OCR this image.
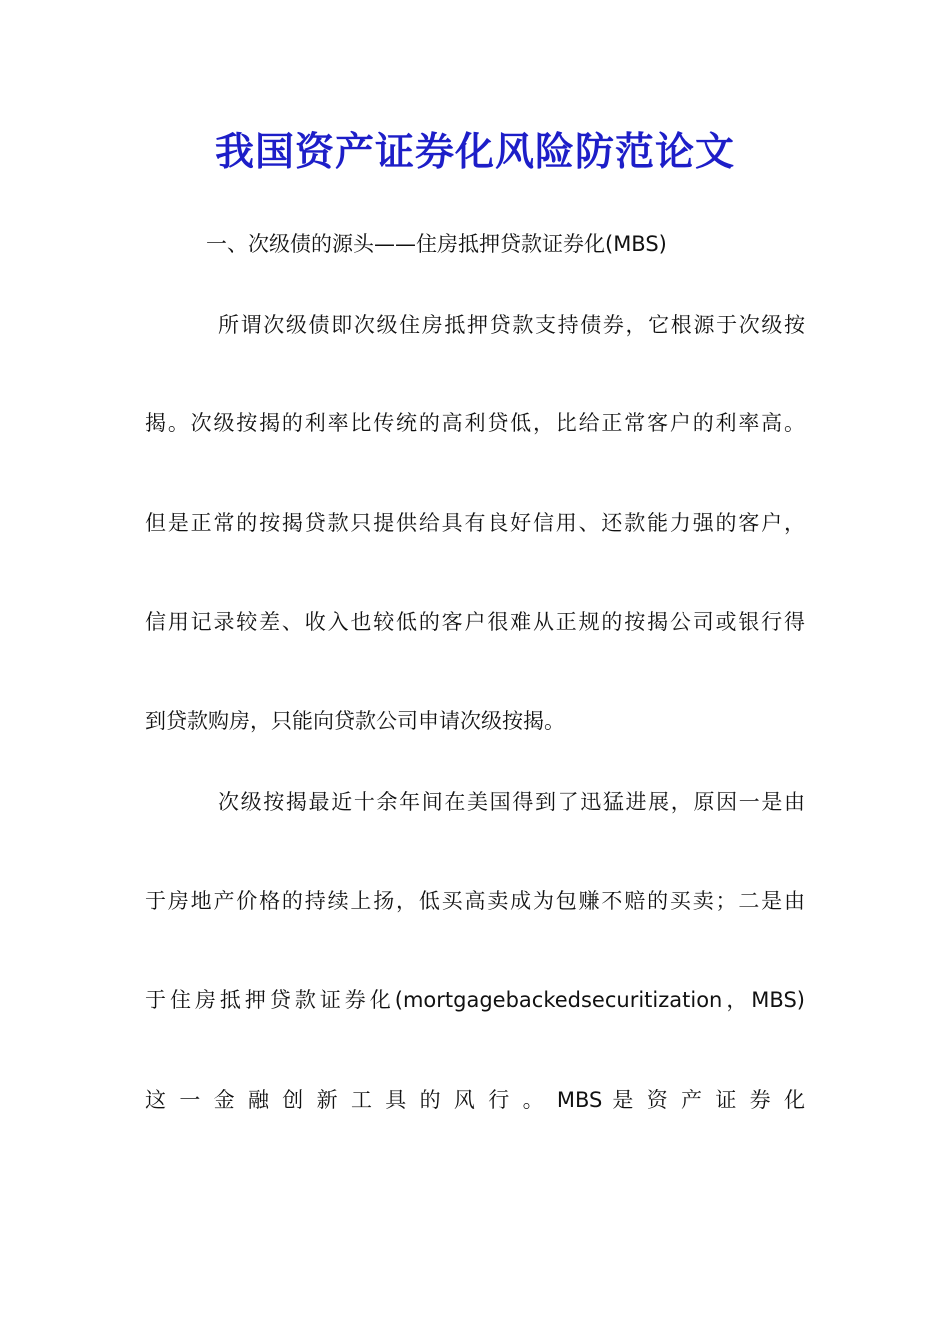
我国资产证券化风险防范论文
一、次级债的源头——住房抵押贷款证券化(MBS)
所谓次级债即次级住房抵押贷款支持债券，它根源于次级按
揭。次级按揭的利率比传统的高利贷低，比给正常客户的利率高。
但是正常的按揭贷款只提供给具有良好信用、还款能力强的客户，
信用记录较差、收入也较低的客户很难从正规的按揭公司或银行得
到贷款购房，只能向贷款公司申请次级按揭。
次级按揭最近十余年间在美国得到了迅猛进展，原因一是由
于房地产价格的持续上扬，低买高卖成为包赚不赔的买卖；二是由
于住房抵押贷款证券化(mortgagebackedsecuritization，MBS)
这 一 金 融 创 新 工 具 的 风 行 。 MBS 是 资 产 证 券 化
